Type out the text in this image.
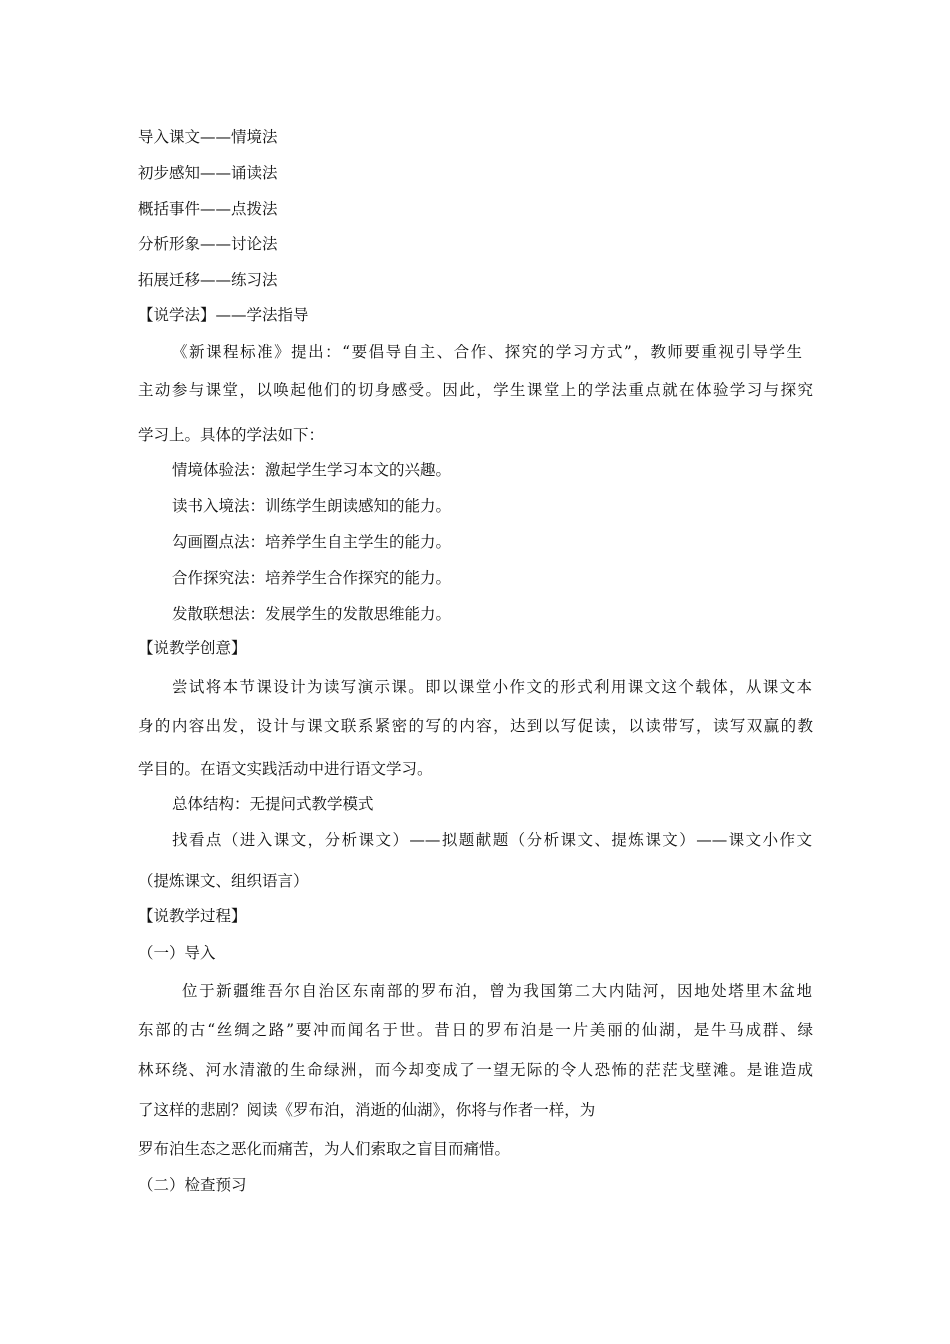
导入课文——情境法
初步感知——诵读法
概括事件——点拨法
分析形象——讨论法
拓展迁移——练习法
【说学法】——学法指导
《新课程标准》提出：“要倡导自主、合作、探究的学习方式”，教师要重视引导学生
主动参与课堂，以唤起他们的切身感受。因此，学生课堂上的学法重点就在体验学习与探究
学习上。具体的学法如下：
情境体验法：激起学生学习本文的兴趣。
读书入境法：训练学生朗读感知的能力。
勾画圈点法：培养学生自主学生的能力。
合作探究法：培养学生合作探究的能力。
发散联想法：发展学生的发散思维能力。
【说教学创意】
尝试将本节课设计为读写演示课。即以课堂小作文的形式利用课文这个载体，从课文本
身的内容出发，设计与课文联系紧密的写的内容，达到以写促读，以读带写，读写双赢的教
学目的。在语文实践活动中进行语文学习。
总体结构：无提问式教学模式
找看点（进入课文，分析课文）——拟题献题（分析课文、提炼课文）——课文小作文
（提炼课文、组织语言）
【说教学过程】
（一）导入
位于新疆维吾尔自治区东南部的罗布泊，曾为我国第二大内陆河，因地处塔里木盆地
东部的古“丝绸之路”要冲而闻名于世。昔日的罗布泊是一片美丽的仙湖，是牛马成群、绿
林环绕、河水清澈的生命绿洲，而今却变成了一望无际的令人恐怖的茫茫戈壁滩。是谁造成
了这样的悲剧？阅读《罗布泊，消逝的仙湖》，你将与作者一样，为
罗布泊生态之恶化而痛苦，为人们索取之盲目而痛惜。
（二）检查预习
